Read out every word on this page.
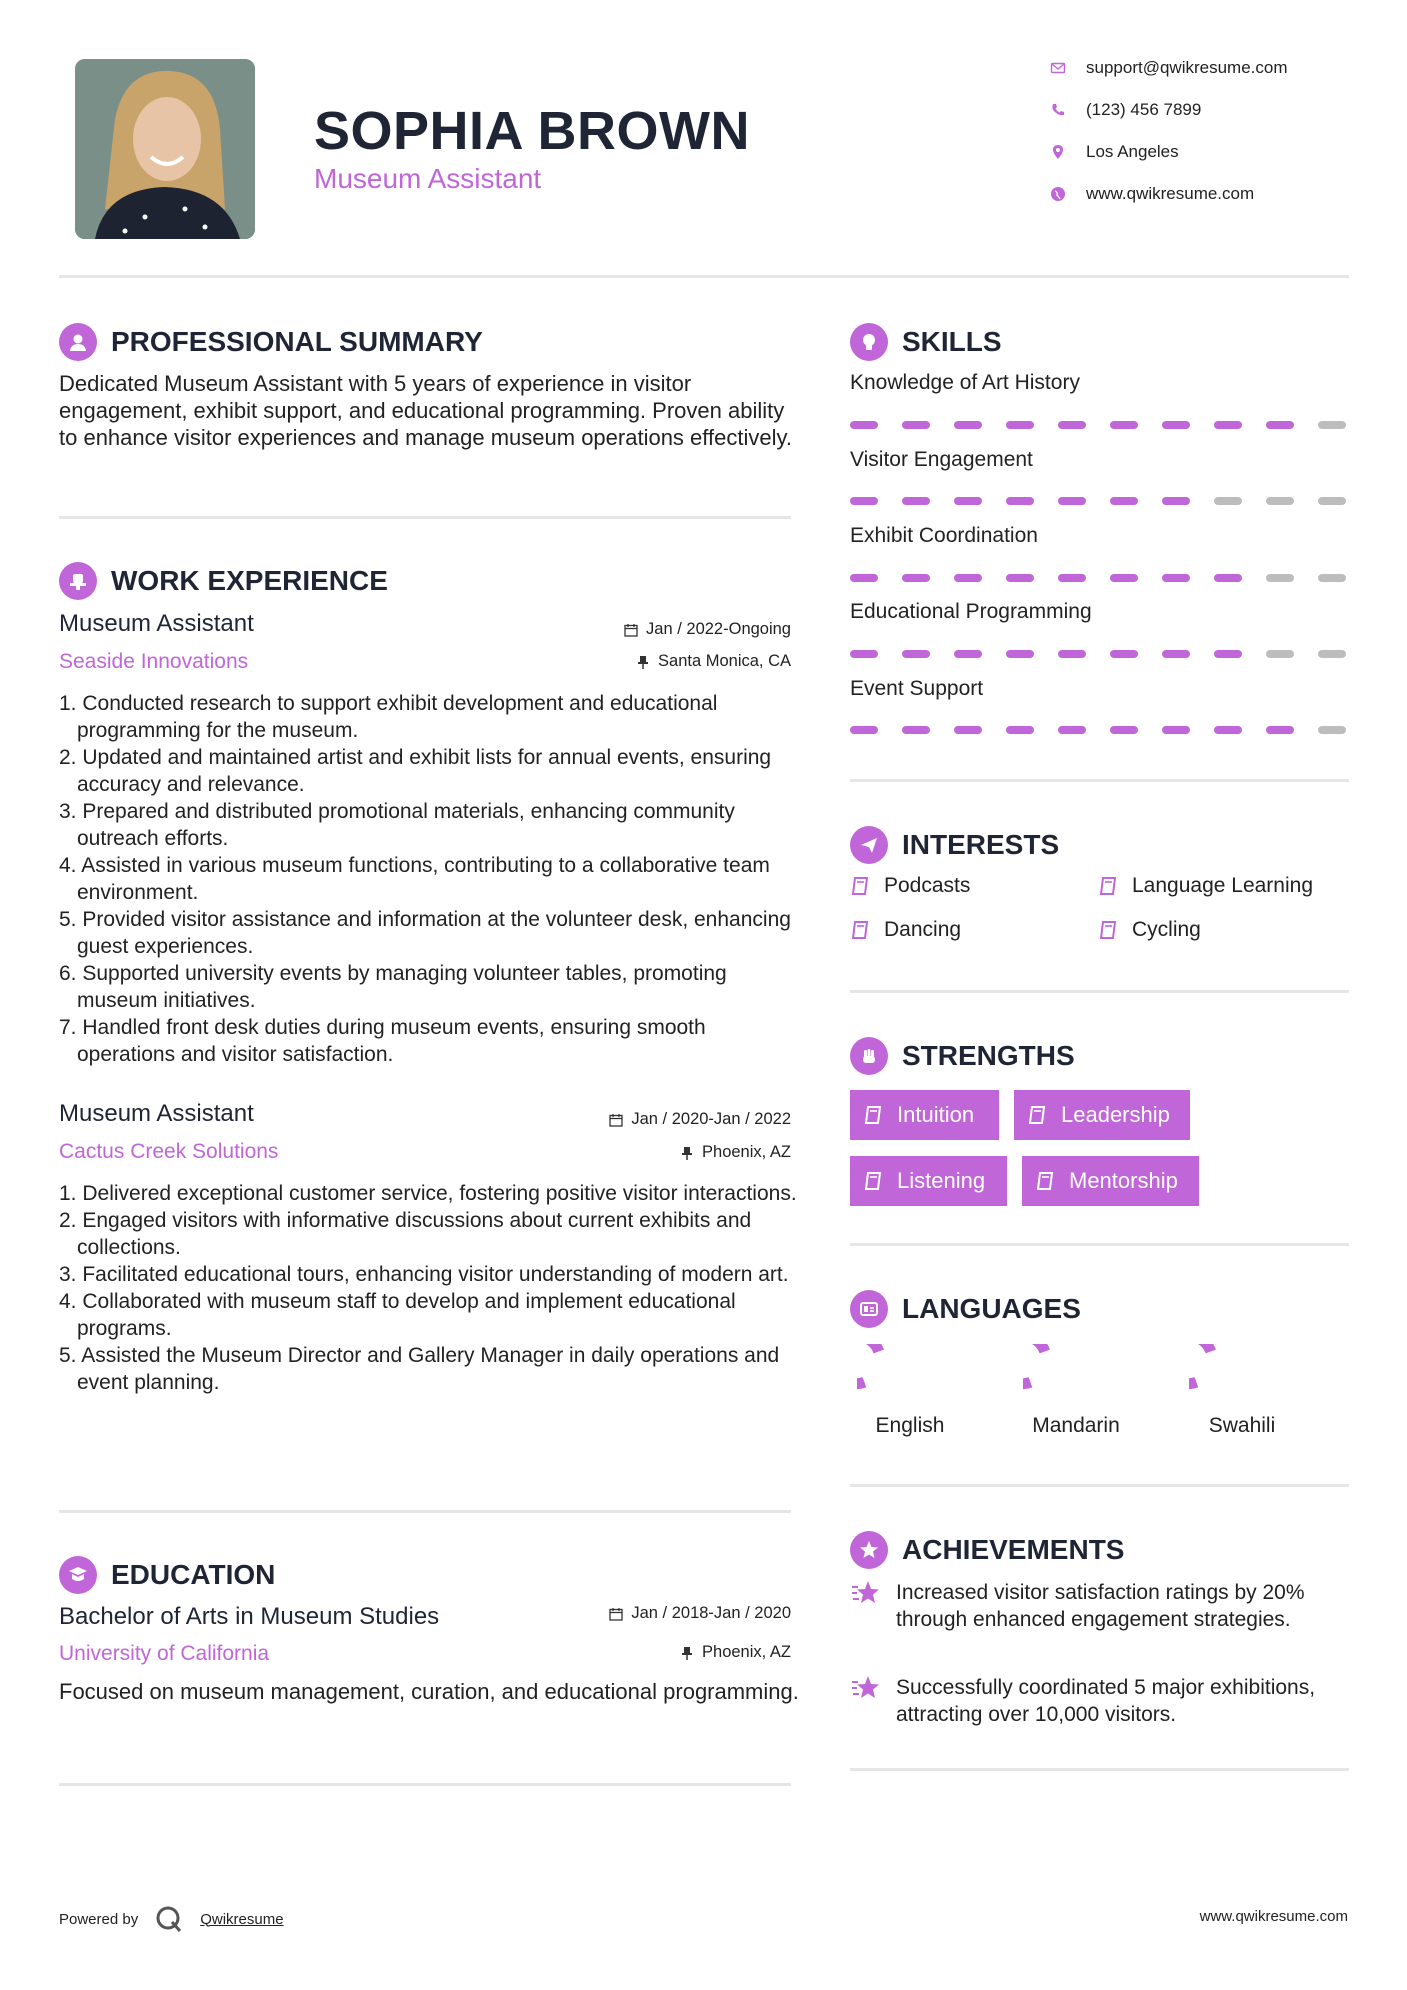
SOPHIA BROWN
Museum Assistant
support@qwikresume.com
(123) 456 7899
Los Angeles
www.qwikresume.com
PROFESSIONAL SUMMARY
Dedicated Museum Assistant with 5 years of experience in visitor engagement, exhibit support, and educational programming. Proven ability to enhance visitor experiences and manage museum operations effectively.
WORK EXPERIENCE
Museum Assistant	Jan / 2022-Ongoing
Seaside Innovations	Santa Monica, CA
1. Conducted research to support exhibit development and educational programming for the museum.
2. Updated and maintained artist and exhibit lists for annual events, ensuring accuracy and relevance.
3. Prepared and distributed promotional materials, enhancing community outreach efforts.
4. Assisted in various museum functions, contributing to a collaborative team environment.
5. Provided visitor assistance and information at the volunteer desk, enhancing guest experiences.
6. Supported university events by managing volunteer tables, promoting museum initiatives.
7. Handled front desk duties during museum events, ensuring smooth operations and visitor satisfaction.
Museum Assistant	Jan / 2020-Jan / 2022
Cactus Creek Solutions	Phoenix, AZ
1. Delivered exceptional customer service, fostering positive visitor interactions.
2. Engaged visitors with informative discussions about current exhibits and collections.
3. Facilitated educational tours, enhancing visitor understanding of modern art.
4. Collaborated with museum staff to develop and implement educational programs.
5. Assisted the Museum Director and Gallery Manager in daily operations and event planning.
EDUCATION
Bachelor of Arts in Museum Studies	Jan / 2018-Jan / 2020
University of California	Phoenix, AZ
Focused on museum management, curation, and educational programming.
SKILLS
Knowledge of Art History
Visitor Engagement
Exhibit Coordination
Educational Programming
Event Support
INTERESTS
Podcasts	Language Learning
Dancing	Cycling
STRENGTHS
Intuition	Leadership
Listening	Mentorship
LANGUAGES
English	Mandarin	Swahili
ACHIEVEMENTS
Increased visitor satisfaction ratings by 20% through enhanced engagement strategies.
Successfully coordinated 5 major exhibitions, attracting over 10,000 visitors.
Powered by	Qwikresume	www.qwikresume.com
